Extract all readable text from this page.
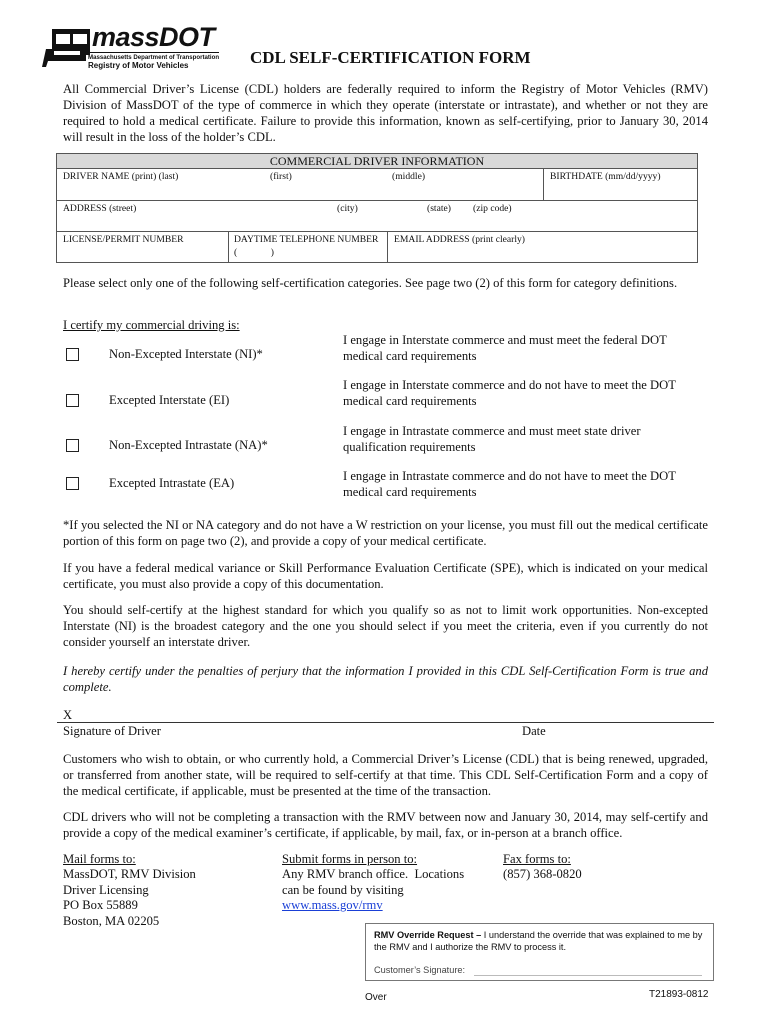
massDOT
Massachusetts Department of Transportation
Registry of Motor Vehicles	CDL SELF-CERTIFICATION FORM
All Commercial Driver’s License (CDL) holders are federally required to inform the Registry of Motor Vehicles (RMV) Division of MassDOT of the type of commerce in which they operate (interstate or intrastate), and whether or not they are required to hold a medical certificate. Failure to provide this information, known as self-certifying, prior to January 30, 2014 will result in the loss of the holder’s CDL.
COMMERCIAL DRIVER INFORMATION
DRIVER NAME (print) (last)	(first)	(middle)	BIRTHDATE (mm/dd/yyyy)
ADDRESS (street)	(city)	(state) (zip code)
LICENSE/PERMIT NUMBER	DAYTIME TELEPHONE NUMBER
(              )
EMAIL ADDRESS (print clearly)
Please select only one of the following self-certification categories. See page two (2) of this form for category definitions.
I certify my commercial driving is:
Non-Excepted Interstate (NI)*
I engage in Interstate commerce and must meet the federal DOT medical card requirements
Excepted Interstate (EI)
I engage in Interstate commerce and do not have to meet the DOT medical card requirements
Non-Excepted Intrastate (NA)*
I engage in Intrastate commerce and must meet state driver qualification requirements
Excepted Intrastate (EA)	I engage in Intrastate commerce and do not have to meet the DOT medical card requirements
*If you selected the NI or NA category and do not have a W restriction on your license, you must fill out the medical certificate portion of this form on page two (2), and provide a copy of your medical certificate.
If you have a federal medical variance or Skill Performance Evaluation Certificate (SPE), which is indicated on your medical certificate, you must also provide a copy of this documentation.
You should self-certify at the highest standard for which you qualify so as not to limit work opportunities. Non-excepted Interstate (NI) is the broadest category and the one you should select if you meet the criteria, even if you currently do not consider yourself an interstate driver.
I hereby certify under the penalties of perjury that the information I provided in this CDL Self-Certification Form is true and complete.
X
Signature of Driver	Date
Customers who wish to obtain, or who currently hold, a Commercial Driver’s License (CDL) that is being renewed, upgraded, or transferred from another state, will be required to self-certify at that time. This CDL Self-Certification Form and a copy of the medical certificate, if applicable, must be presented at the time of the transaction.
CDL drivers who will not be completing a transaction with the RMV between now and January 30, 2014, may self-certify and provide a copy of the medical examiner’s certificate, if applicable, by mail, fax, or in-person at a branch office.
Mail forms to:
MassDOT, RMV Division
Driver Licensing
PO Box 55889
Boston, MA 02205
Submit forms in person to:
Any RMV branch office.  Locations
can be found by visiting
www.mass.gov/rmv
Fax forms to:
(857) 368-0820
RMV Override Request – I understand the override that was explained to me by the RMV and I authorize the RMV to process it.
Customer’s Signature:
Over	T21893-0812
